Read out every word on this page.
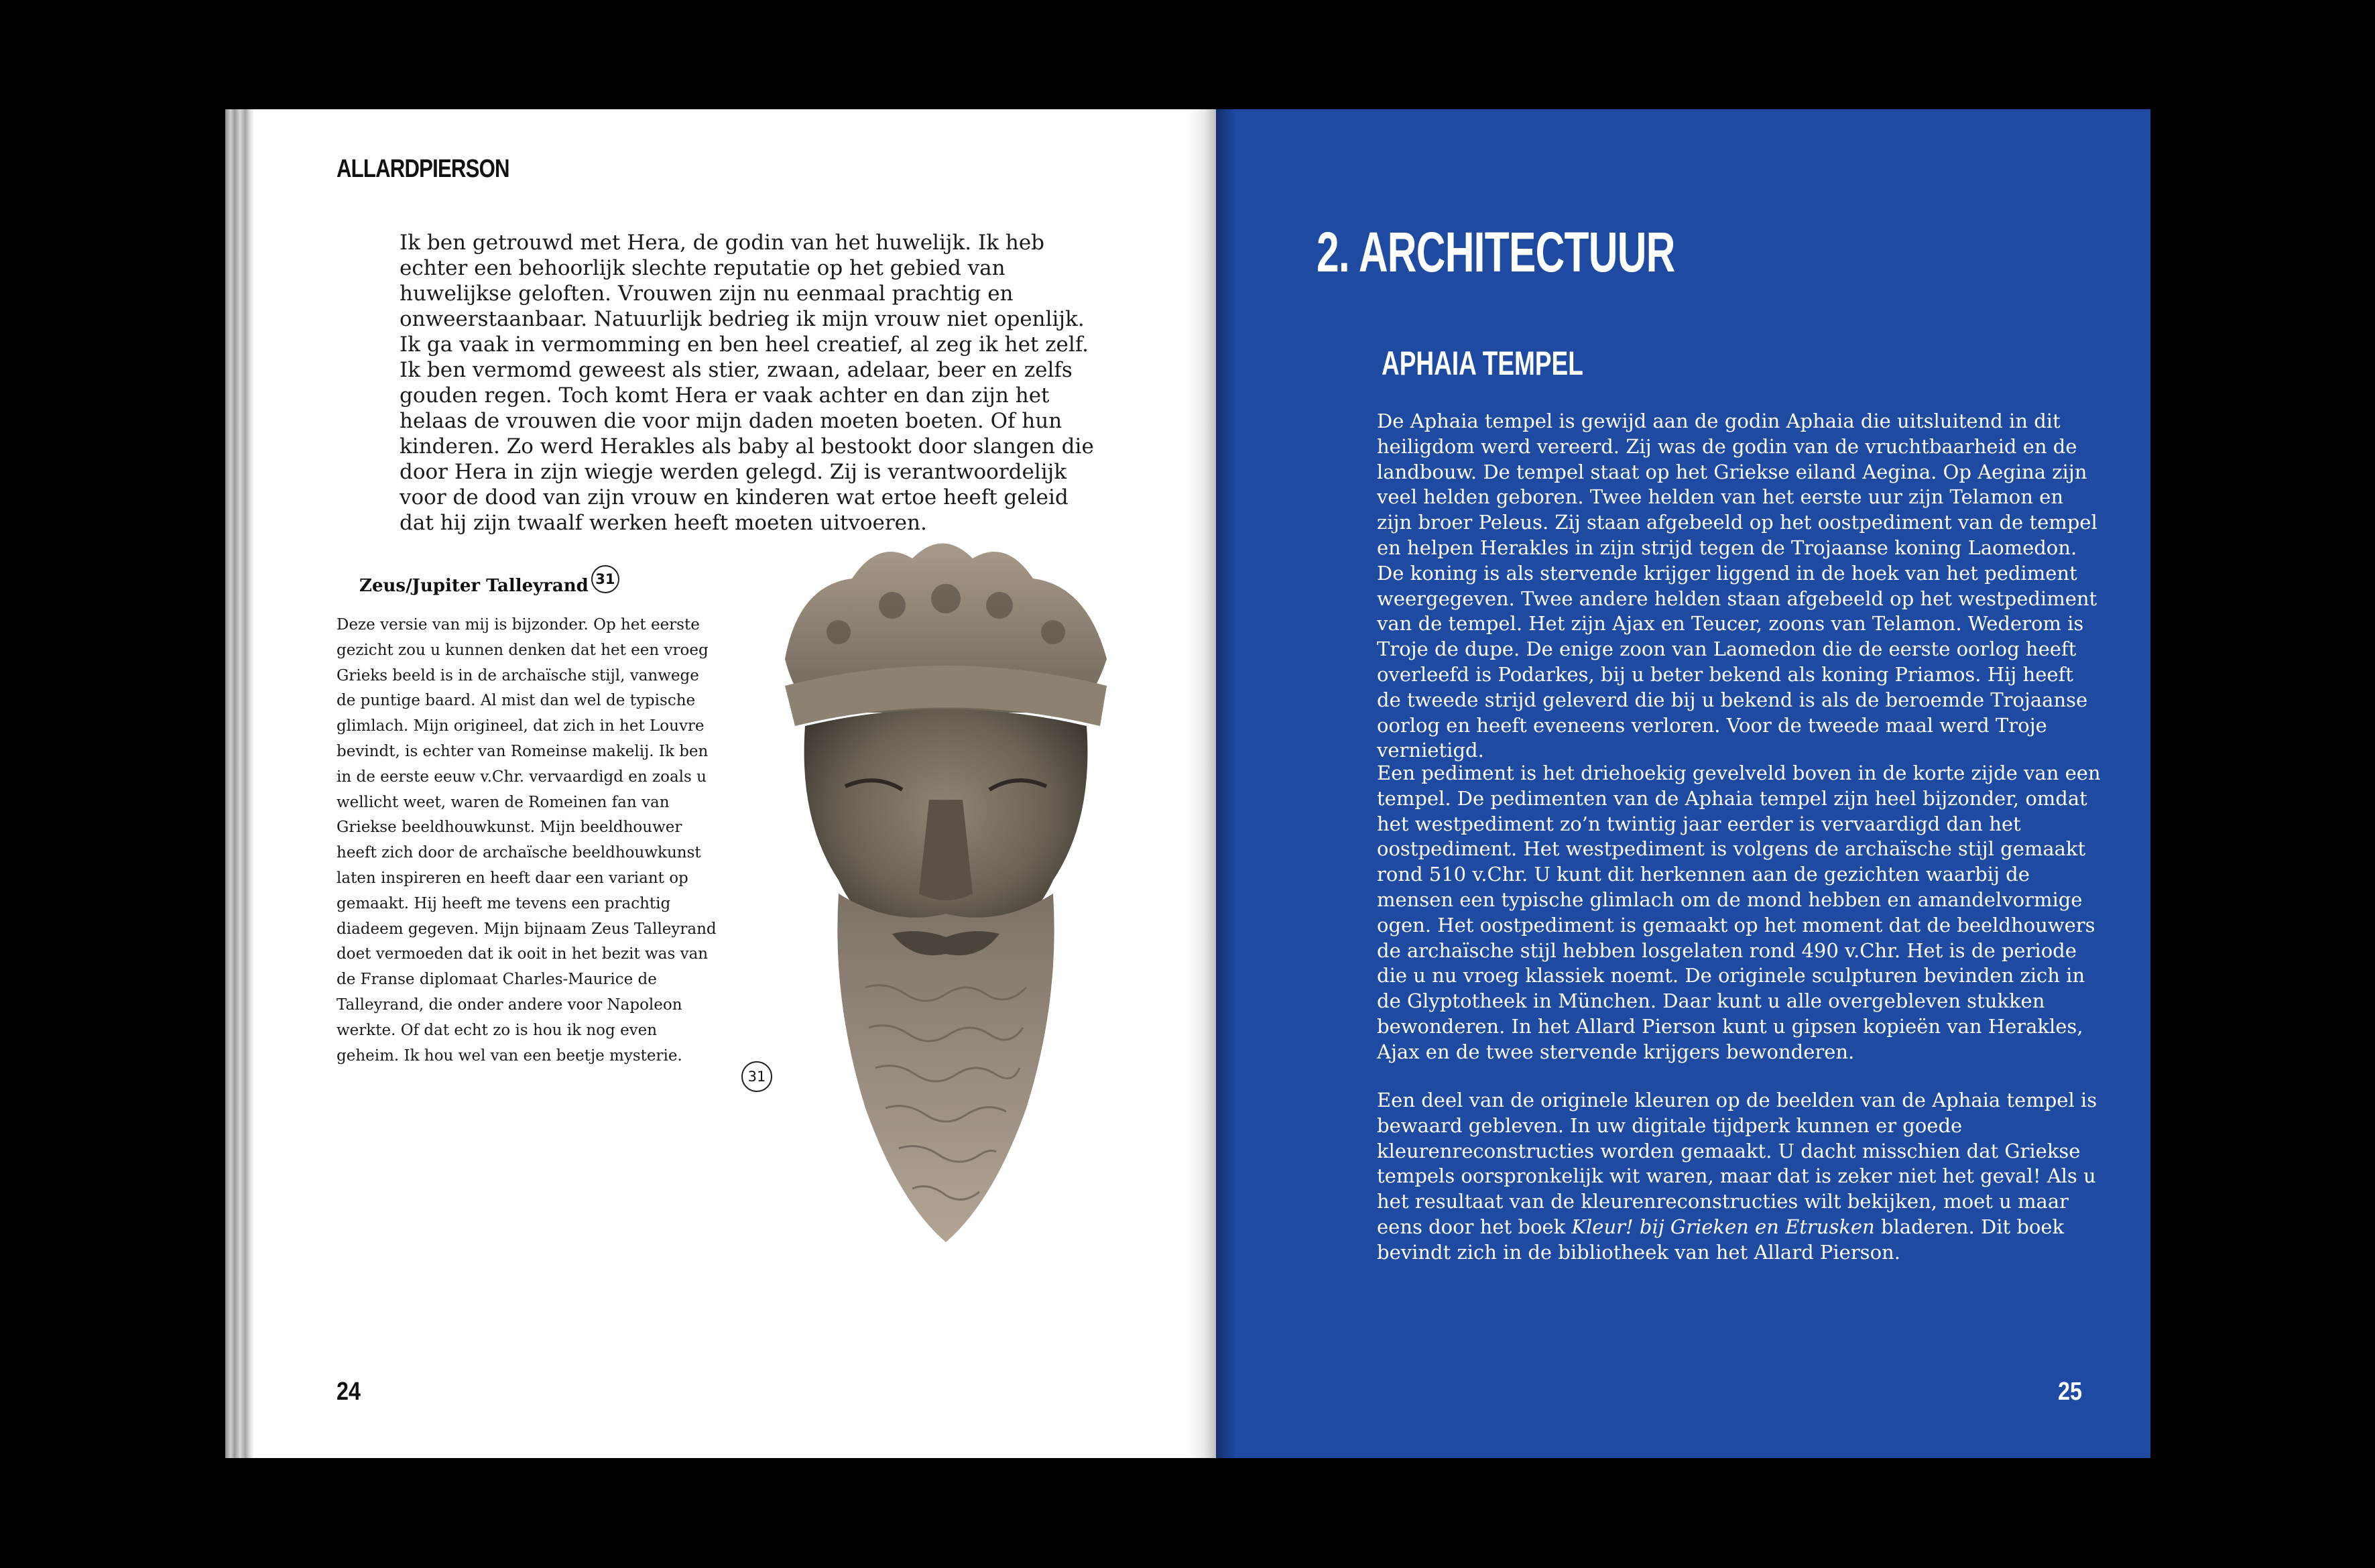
ALLARDPIERSON
Ik ben getrouwd met Hera, de godin van het huwelijk. Ik heb echter een behoorlijk slechte reputatie op het gebied van huwelijkse geloften. Vrouwen zijn nu eenmaal prachtig en onweerstaanbaar. Natuurlijk bedrieg ik mijn vrouw niet openlijk. Ik ga vaak in vermomming en ben heel creatief, al zeg ik het zelf. Ik ben vermomd geweest als stier, zwaan, adelaar, beer en zelfs gouden regen. Toch komt Hera er vaak achter en dan zijn het helaas de vrouwen die voor mijn daden moeten boeten. Of hun kinderen. Zo werd Herakles als baby al bestookt door slangen die door Hera in zijn wiegje werden gelegd. Zij is verantwoordelijk voor de dood van zijn vrouw en kinderen wat ertoe heeft geleid dat hij zijn twaalf werken heeft moeten uitvoeren.
Zeus/Jupiter Talleyrand 31
Deze versie van mij is bijzonder. Op het eerste gezicht zou u kunnen denken dat het een vroeg Grieks beeld is in de archaïsche stijl, vanwege de puntige baard. Al mist dan wel de typische glimlach. Mijn origineel, dat zich in het Louvre bevindt, is echter van Romeinse makelij. Ik ben in de eerste eeuw v.Chr. vervaardigd en zoals u wellicht weet, waren de Romeinen fan van Griekse beeldhouwkunst. Mijn beeldhouwer heeft zich door de archaïsche beeldhouwkunst laten inspireren en heeft daar een variant op gemaakt. Hij heeft me tevens een prachtig diadeem gegeven. Mijn bijnaam Zeus Talleyrand doet vermoeden dat ik ooit in het bezit was van de Franse diplomaat Charles-Maurice de Talleyrand, die onder andere voor Napoleon werkte. Of dat echt zo is hou ik nog even geheim. Ik hou wel van een beetje mysterie.
31
24
2. ARCHITECTUUR
APHAIA TEMPEL
De Aphaia tempel is gewijd aan de godin Aphaia die uitsluitend in dit heiligdom werd vereerd. Zij was de godin van de vruchtbaarheid en de landbouw. De tempel staat op het Griekse eiland Aegina. Op Aegina zijn veel helden geboren. Twee helden van het eerste uur zijn Telamon en zijn broer Peleus. Zij staan afgebeeld op het oostpediment van de tempel en helpen Herakles in zijn strijd tegen de Trojaanse koning Laomedon. De koning is als stervende krijger liggend in de hoek van het pediment weergegeven. Twee andere helden staan afgebeeld op het westpediment van de tempel. Het zijn Ajax en Teucer, zoons van Telamon. Wederom is Troje de dupe. De enige zoon van Laomedon die de eerste oorlog heeft overleefd is Podarkes, bij u beter bekend als koning Priamos. Hij heeft de tweede strijd geleverd die bij u bekend is als de beroemde Trojaanse oorlog en heeft eveneens verloren. Voor de tweede maal werd Troje vernietigd.
Een pediment is het driehoekig gevelveld boven in de korte zijde van een tempel. De pedimenten van de Aphaia tempel zijn heel bijzonder, omdat het westpediment zo’n twintig jaar eerder is vervaardigd dan het oostpediment. Het westpediment is volgens de archaïsche stijl gemaakt rond 510 v.Chr. U kunt dit herkennen aan de gezichten waarbij de mensen een typische glimlach om de mond hebben en amandelvormige ogen. Het oostpediment is gemaakt op het moment dat de beeldhouwers de archaïsche stijl hebben losgelaten rond 490 v.Chr. Het is de periode die u nu vroeg klassiek noemt. De originele sculpturen bevinden zich in de Glyptotheek in München. Daar kunt u alle overgebleven stukken bewonderen. In het Allard Pierson kunt u gipsen kopieën van Herakles, Ajax en de twee stervende krijgers bewonderen.
Een deel van de originele kleuren op de beelden van de Aphaia tempel is bewaard gebleven. In uw digitale tijdperk kunnen er goede kleurenreconstructies worden gemaakt. U dacht misschien dat Griekse tempels oorspronkelijk wit waren, maar dat is zeker niet het geval! Als u het resultaat van de kleurenreconstructies wilt bekijken, moet u maar eens door het boek Kleur! bij Grieken en Etrusken bladeren. Dit boek bevindt zich in de bibliotheek van het Allard Pierson.
25
